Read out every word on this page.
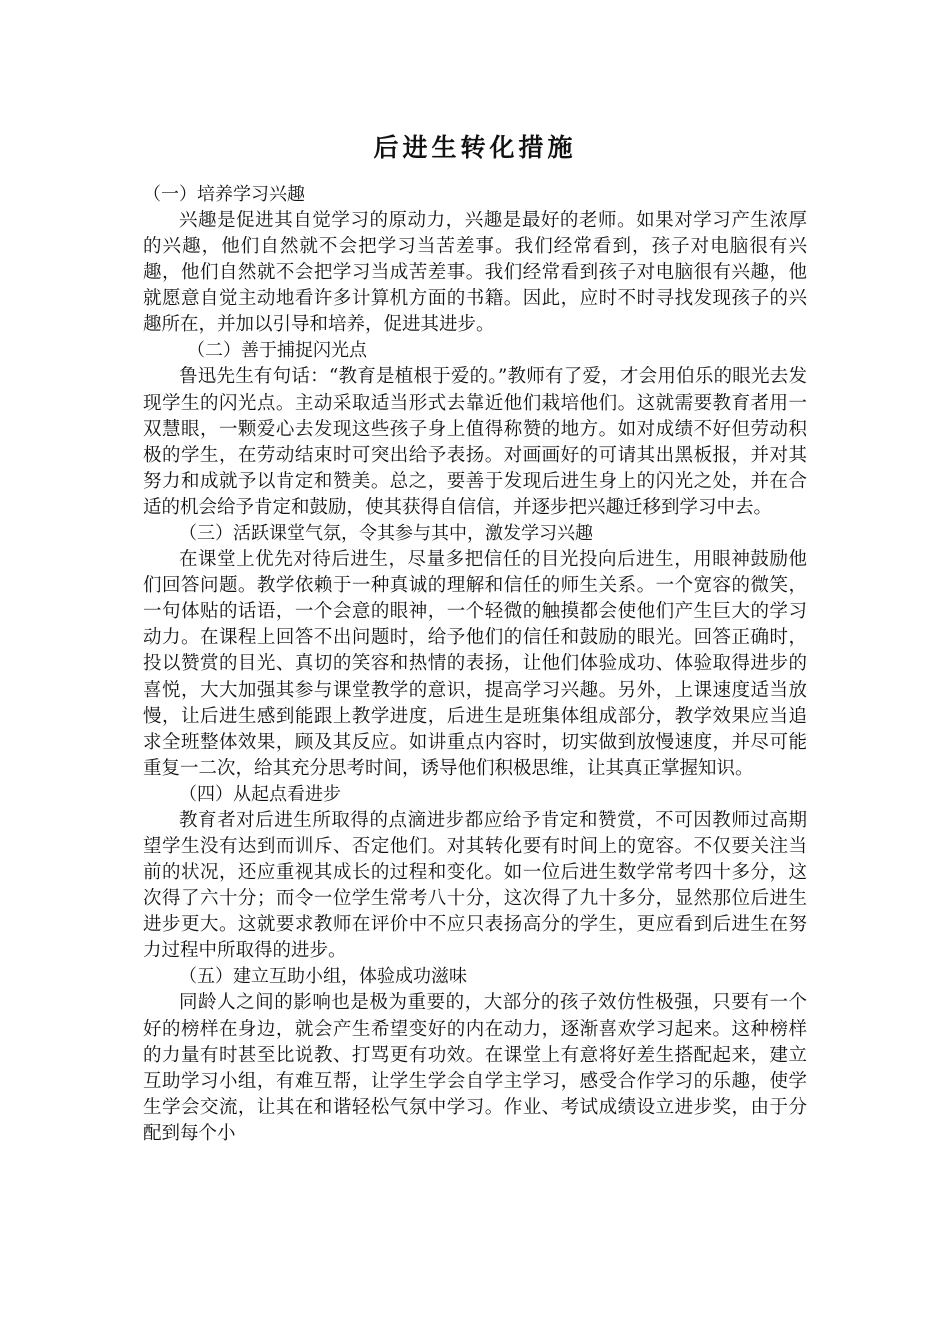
后进生转化措施

（一）培养学习兴趣

兴趣是促进其自觉学习的原动力，兴趣是最好的老师。如果对学习产生浓厚的兴趣，他们自然就不会把学习当苦差事。我们经常看到，孩子对电脑很有兴趣，他们自然就不会把学习当成苦差事。我们经常看到孩子对电脑很有兴趣，他就愿意自觉主动地看许多计算机方面的书籍。因此，应时不时寻找发现孩子的兴趣所在，并加以引导和培养，促进其进步。

（二）善于捕捉闪光点

鲁迅先生有句话：“教育是植根于爱的。”教师有了爱，才会用伯乐的眼光去发现学生的闪光点。主动采取适当形式去靠近他们栽培他们。这就需要教育者用一双慧眼，一颗爱心去发现这些孩子身上值得称赞的地方。如对成绩不好但劳动积极的学生，在劳动结束时可突出给予表扬。对画画好的可请其出黑板报，并对其努力和成就予以肯定和赞美。总之，要善于发现后进生身上的闪光之处，并在合适的机会给予肯定和鼓励，使其获得自信信，并逐步把兴趣迁移到学习中去。

（三）活跃课堂气氛，令其参与其中，激发学习兴趣

在课堂上优先对待后进生，尽量多把信任的目光投向后进生，用眼神鼓励他们回答问题。教学依赖于一种真诚的理解和信任的师生关系。一个宽容的微笑，一句体贴的话语，一个会意的眼神，一个轻微的触摸都会使他们产生巨大的学习动力。在课程上回答不出问题时，给予他们的信任和鼓励的眼光。回答正确时，投以赞赏的目光、真切的笑容和热情的表扬，让他们体验成功、体验取得进步的喜悦，大大加强其参与课堂教学的意识，提高学习兴趣。另外，上课速度适当放慢，让后进生感到能跟上教学进度，后进生是班集体组成部分，教学效果应当追求全班整体效果，顾及其反应。如讲重点内容时，切实做到放慢速度，并尽可能重复一二次，给其充分思考时间，诱导他们积极思维，让其真正掌握知识。

（四）从起点看进步

教育者对后进生所取得的点滴进步都应给予肯定和赞赏，不可因教师过高期望学生没有达到而训斥、否定他们。对其转化要有时间上的宽容。不仅要关注当前的状况，还应重视其成长的过程和变化。如一位后进生数学常考四十多分，这次得了六十分；而令一位学生常考八十分，这次得了九十多分，显然那位后进生进步更大。这就要求教师在评价中不应只表扬高分的学生，更应看到后进生在努力过程中所取得的进步。

（五）建立互助小组，体验成功滋味

同龄人之间的影响也是极为重要的，大部分的孩子效仿性极强，只要有一个好的榜样在身边，就会产生希望变好的内在动力，逐渐喜欢学习起来。这种榜样的力量有时甚至比说教、打骂更有功效。在课堂上有意将好差生搭配起来，建立互助学习小组，有难互帮，让学生学会自学主学习，感受合作学习的乐趣，使学生学会交流，让其在和谐轻松气氛中学习。作业、考试成绩设立进步奖，由于分配到每个小
